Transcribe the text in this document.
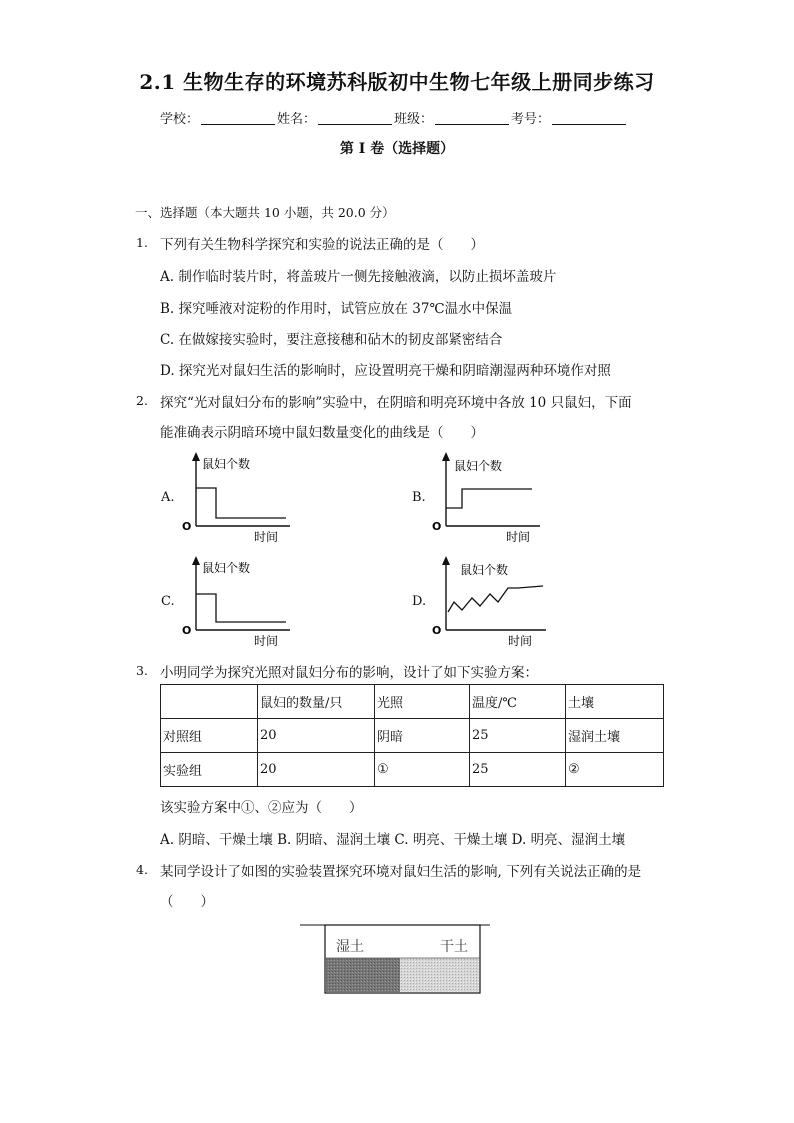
2.1 生物生存的环境苏科版初中生物七年级上册同步练习
学校：	姓名：	班级：	考号：
第 I 卷（选择题）
一、选择题（本大题共 10 小题，共 20.0 分）
1. 下列有关生物科学探究和实验的说法正确的是（　　）
A. 制作临时装片时，将盖玻片一侧先接触液滴，以防止损坏盖玻片
B. 探究唾液对淀粉的作用时，试管应放在 37℃温水中保温
C. 在做嫁接实验时，要注意接穗和砧木的韧皮部紧密结合
D. 探究光对鼠妇生活的影响时，应设置明亮干燥和阴暗潮湿两种环境作对照
2. 探究“光对鼠妇分布的影响”实验中，在阴暗和明亮环境中各放 10 只鼠妇，下面
能准确表示阴暗环境中鼠妇数量变化的曲线是（　　）
A.
鼠妇个数
O
时间
B.
鼠妇个数
O
时间
C.
鼠妇个数
O
时间
D.
鼠妇个数
O
时间
3. 小明同学为探究光照对鼠妇分布的影响，设计了如下实验方案：
	鼠妇的数量/只	光照	温度/℃	土壤
对照组	20	阴暗	25	湿润土壤
实验组	20	①	25	②
该实验方案中①、②应为（　　）
A. 阴暗、干燥土壤 B. 阴暗、湿润土壤 C. 明亮、干燥土壤 D. 明亮、湿润土壤
4. 某同学设计了如图的实验装置探究环境对鼠妇生活的影响, 下列有关说法正确的是
（　　）
湿土	干土
